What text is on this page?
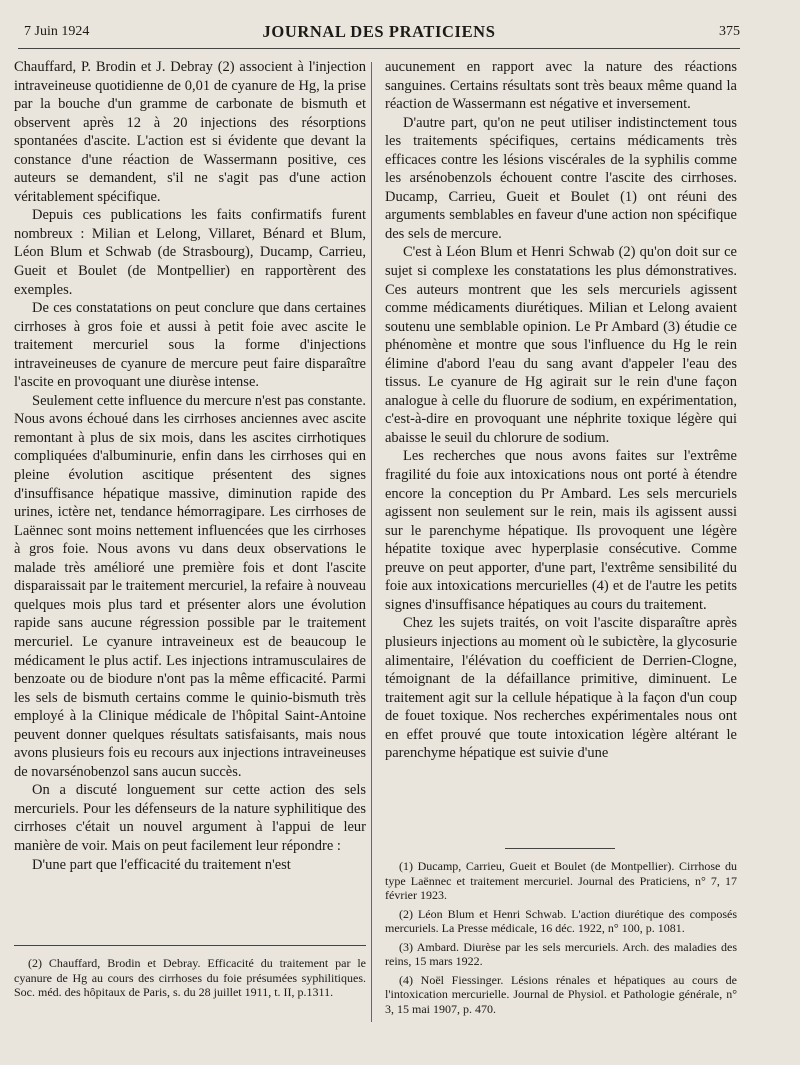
7 Juin 1924	JOURNAL DES PRATICIENS	375

Chauffard, P. Brodin et J. Debray (2) associent à l'injection intraveineuse quotidienne de 0,01 de cyanure de Hg, la prise par la bouche d'un gramme de carbonate de bismuth et observent après 12 à 20 injections des résorptions spontanées d'ascite. L'action est si évidente que devant la constance d'une réaction de Wassermann positive, ces auteurs se demandent, s'il ne s'agit pas d'une action véritablement spécifique.

Depuis ces publications les faits confirmatifs furent nombreux : Milian et Lelong, Villaret, Bénard et Blum, Léon Blum et Schwab (de Strasbourg), Ducamp, Carrieu, Gueit et Boulet (de Montpellier) en rapportèrent des exemples.

De ces constatations on peut conclure que dans certaines cirrhoses à gros foie et aussi à petit foie avec ascite le traitement mercuriel sous la forme d'injections intraveineuses de cyanure de mercure peut faire disparaître l'ascite en provoquant une diurèse intense.

Seulement cette influence du mercure n'est pas constante. Nous avons échoué dans les cirrhoses anciennes avec ascite remontant à plus de six mois, dans les ascites cirrhotiques compliquées d'albuminurie, enfin dans les cirrhoses qui en pleine évolution ascitique présentent des signes d'insuffisance hépatique massive, diminution rapide des urines, ictère net, tendance hémorragipare. Les cirrhoses de Laënnec sont moins nettement influencées que les cirrhoses à gros foie. Nous avons vu dans deux observations le malade très amélioré une première fois et dont l'ascite disparaissait par le traitement mercuriel, la refaire à nouveau quelques mois plus tard et présenter alors une évolution rapide sans aucune régression possible par le traitement mercuriel. Le cyanure intraveineux est de beaucoup le médicament le plus actif. Les injections intramusculaires de benzoate ou de biodure n'ont pas la même efficacité. Parmi les sels de bismuth certains comme le quinio-bismuth très employé à la Clinique médicale de l'hôpital Saint-Antoine peuvent donner quelques résultats satisfaisants, mais nous avons plusieurs fois eu recours aux injections intraveineuses de novarsénobenzol sans aucun succès.

On a discuté longuement sur cette action des sels mercuriels. Pour les défenseurs de la nature syphilitique des cirrhoses c'était un nouvel argument à l'appui de leur manière de voir. Mais on peut facilement leur répondre :

D'une part que l'efficacité du traitement n'est

(2) Chauffard, Brodin et Debray. Efficacité du traitement par le cyanure de Hg au cours des cirrhoses du foie présumées syphilitiques. Soc. méd. des hôpitaux de Paris, s. du 28 juillet 1911, t. II, p.1311.

aucunement en rapport avec la nature des réactions sanguines. Certains résultats sont très beaux même quand la réaction de Wassermann est négative et inversement.

D'autre part, qu'on ne peut utiliser indistinctement tous les traitements spécifiques, certains médicaments très efficaces contre les lésions viscérales de la syphilis comme les arsénobenzols échouent contre l'ascite des cirrhoses. Ducamp, Carrieu, Gueit et Boulet (1) ont réuni des arguments semblables en faveur d'une action non spécifique des sels de mercure.

C'est à Léon Blum et Henri Schwab (2) qu'on doit sur ce sujet si complexe les constatations les plus démonstratives. Ces auteurs montrent que les sels mercuriels agissent comme médicaments diurétiques. Milian et Lelong avaient soutenu une semblable opinion. Le Pr Ambard (3) étudie ce phénomène et montre que sous l'influence du Hg le rein élimine d'abord l'eau du sang avant d'appeler l'eau des tissus. Le cyanure de Hg agirait sur le rein d'une façon analogue à celle du fluorure de sodium, en expérimentation, c'est-à-dire en provoquant une néphrite toxique légère qui abaisse le seuil du chlorure de sodium.

Les recherches que nous avons faites sur l'extrême fragilité du foie aux intoxications nous ont porté à étendre encore la conception du Pr Ambard. Les sels mercuriels agissent non seulement sur le rein, mais ils agissent aussi sur le parenchyme hépatique. Ils provoquent une légère hépatite toxique avec hyperplasie consécutive. Comme preuve on peut apporter, d'une part, l'extrême sensibilité du foie aux intoxications mercurielles (4) et de l'autre les petits signes d'insuffisance hépatiques au cours du traitement.

Chez les sujets traités, on voit l'ascite disparaître après plusieurs injections au moment où le subictère, la glycosurie alimentaire, l'élévation du coefficient de Derrien-Clogne, témoignant de la défaillance primitive, diminuent. Le traitement agit sur la cellule hépatique à la façon d'un coup de fouet toxique. Nos recherches expérimentales nous ont en effet prouvé que toute intoxication légère altérant le parenchyme hépatique est suivie d'une

(1) Ducamp, Carrieu, Gueit et Boulet (de Montpellier). Cirrhose du type Laënnec et traitement mercuriel. Journal des Praticiens, n° 7, 17 février 1923.
(2) Léon Blum et Henri Schwab. L'action diurétique des composés mercuriels. La Presse médicale, 16 déc. 1922, n° 100, p. 1081.
(3) Ambard. Diurèse par les sels mercuriels. Arch. des maladies des reins, 15 mars 1922.
(4) Noël Fiessinger. Lésions rénales et hépatiques au cours de l'intoxication mercurielle. Journal de Physiol. et Pathologie générale, n° 3, 15 mai 1907, p. 470.
